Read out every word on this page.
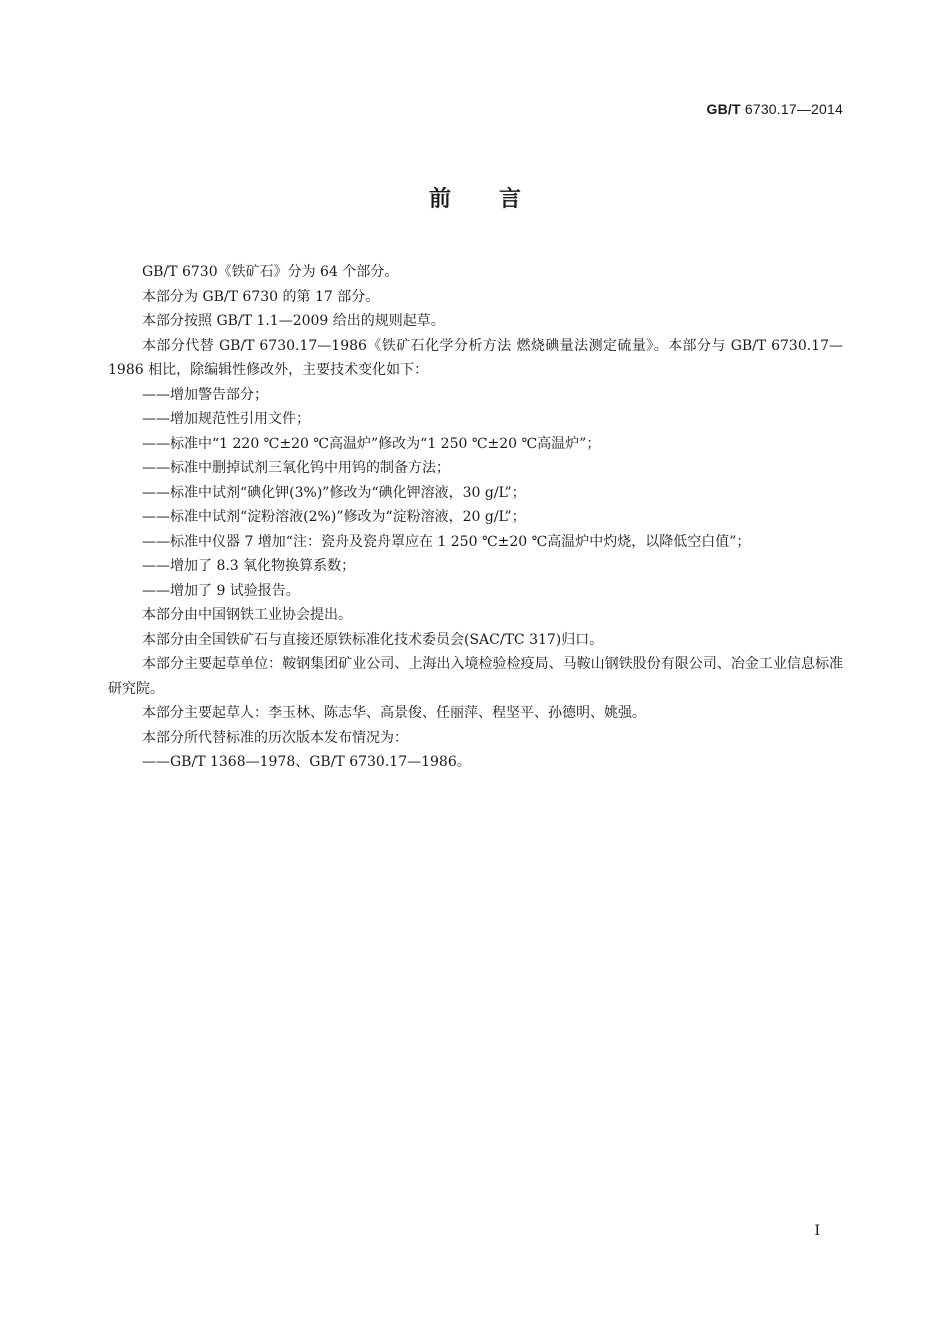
GB/T 6730.17—2014
前言

GB/T 6730《铁矿石》分为 64 个部分。

本部分为 GB/T 6730 的第 17 部分。

本部分按照 GB/T 1.1—2009 给出的规则起草。

本部分代替 GB/T 6730.17—1986《铁矿石化学分析方法 燃烧碘量法测定硫量》。本部分与 GB/T 6730.17—1986 相比，除编辑性修改外，主要技术变化如下：

——增加警告部分；

——增加规范性引用文件；

——标准中“1 220 ℃±20 ℃高温炉”修改为“1 250 ℃±20 ℃高温炉”；

——标准中删掉试剂三氧化钨中用钨的制备方法；

——标准中试剂“碘化钾(3%)”修改为“碘化钾溶液，30 g/L”；

——标准中试剂“淀粉溶液(2%)”修改为“淀粉溶液，20 g/L”；

——标准中仪器 7 增加“注：瓷舟及瓷舟罩应在 1 250 ℃±20 ℃高温炉中灼烧，以降低空白值”；

——增加了 8.3 氧化物换算系数；

——增加了 9 试验报告。

本部分由中国钢铁工业协会提出。

本部分由全国铁矿石与直接还原铁标准化技术委员会(SAC/TC 317)归口。

本部分主要起草单位：鞍钢集团矿业公司、上海出入境检验检疫局、马鞍山钢铁股份有限公司、冶金工业信息标准研究院。

本部分主要起草人：李玉林、陈志华、高景俊、任丽萍、程坚平、孙德明、姚强。

本部分所代替标准的历次版本发布情况为：

——GB/T 1368—1978、GB/T 6730.17—1986。

I
